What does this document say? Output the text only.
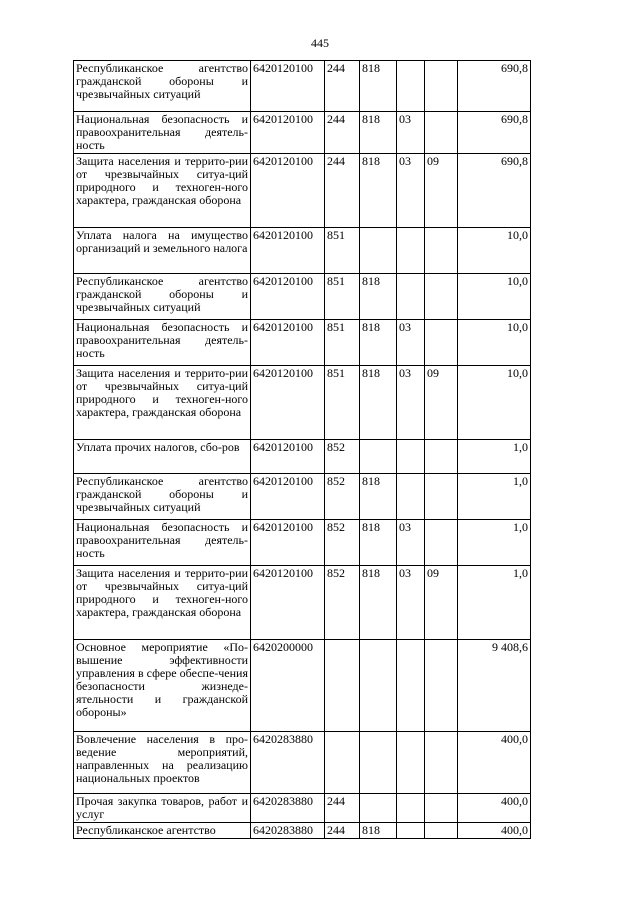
445
Республиканское агентство гражданской обороны и чрезвычайных ситуаций	6420120100	244	818			690,8
Национальная безопасность и правоохранительная деятель-ность	6420120100	244	818	03		690,8
Защита населения и террито-рии от чрезвычайных ситуа-ций природного и техноген-ного характера, гражданская оборона	6420120100	244	818	03	09	690,8
Уплата налога на имущество организаций и земельного налога	6420120100	851				10,0
Республиканское агентство гражданской обороны и чрезвычайных ситуаций	6420120100	851	818			10,0
Национальная безопасность и правоохранительная деятель-ность	6420120100	851	818	03		10,0
Защита населения и террито-рии от чрезвычайных ситуа-ций природного и техноген-ного характера, гражданская оборона	6420120100	851	818	03	09	10,0
Уплата прочих налогов, сбо-ров	6420120100	852				1,0
Республиканское агентство гражданской обороны и чрезвычайных ситуаций	6420120100	852	818			1,0
Национальная безопасность и правоохранительная деятель-ность	6420120100	852	818	03		1,0
Защита населения и террито-рии от чрезвычайных ситуа-ций природного и техноген-ного характера, гражданская оборона	6420120100	852	818	03	09	1,0
Основное мероприятие «По-вышение эффективности управления в сфере обеспе-чения безопасности жизнеде-ятельности и гражданской обороны»	6420200000					9 408,6
Вовлечение населения в про-ведение мероприятий, направленных на реализацию национальных проектов	6420283880					400,0
Прочая закупка товаров, работ и услуг	6420283880	244				400,0
Республиканское агентство	6420283880	244	818			400,0
